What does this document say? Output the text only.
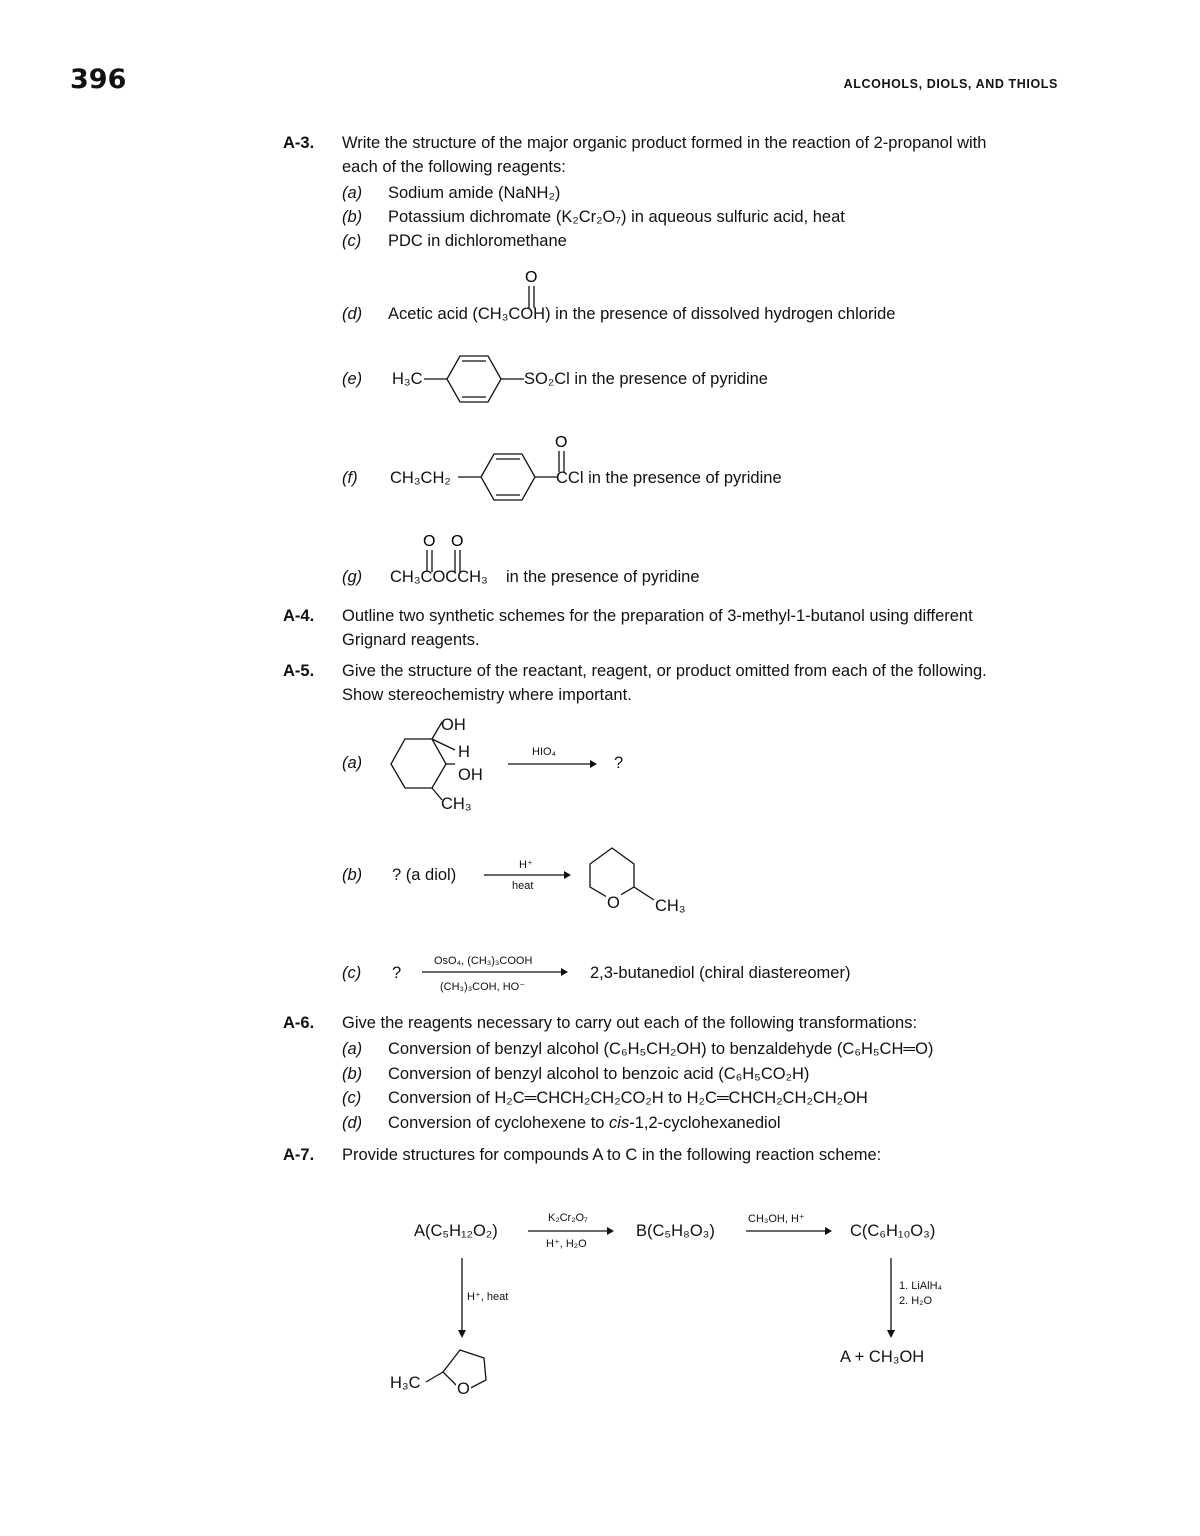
396	ALCOHOLS, DIOLS, AND THIOLS
A-3. Write the structure of the major organic product formed in the reaction of 2-propanol with
each of the following reagents:
(a) Sodium amide (NaNH₂)
(b) Potassium dichromate (K₂Cr₂O₇) in aqueous sulfuric acid, heat
(c) PDC in dichloromethane
O
(d) Acetic acid (CH₃COH) in the presence of dissolved hydrogen chloride
(e) H₃C	SO₂Cl in the presence of pyridine
(f) CH₃CH₂
O
CCl in the presence of pyridine
O O
(g) CH₃COCCH₃ in the presence of pyridine
A-4. Outline two synthetic schemes for the preparation of 3-methyl-1-butanol using different
Grignard reagents.
A-5. Give the structure of the reactant, reagent, or product omitted from each of the following.
Show stereochemistry where important.
(a)
OH
H
OH
CH₃
HIO₄
?
(b) ? (a diol)
H⁺
heat
O CH₃
(c) ?
OsO₄, (CH₃)₃COOH
(CH₃)₃COH, HO⁻
2,3-butanediol (chiral diastereomer)
A-6. Give the reagents necessary to carry out each of the following transformations:
(a) Conversion of benzyl alcohol (C₆H₅CH₂OH) to benzaldehyde (C₆H₅CH═O)
(b) Conversion of benzyl alcohol to benzoic acid (C₆H₅CO₂H)
(c) Conversion of H₂C═CHCH₂CH₂CO₂H to H₂C═CHCH₂CH₂CH₂OH
(d) Conversion of cyclohexene to cis-1,2-cyclohexanediol
A-7. Provide structures for compounds A to C in the following reaction scheme:
A(C₅H₁₂O₂)
K₂Cr₂O₇
H⁺, H₂O
B(C₅H₈O₃)
CH₃OH, H⁺
C(C₆H₁₀O₃)
H⁺, heat
1. LiAlH₄
2. H₂O
A + CH₃OH
H₃C O
